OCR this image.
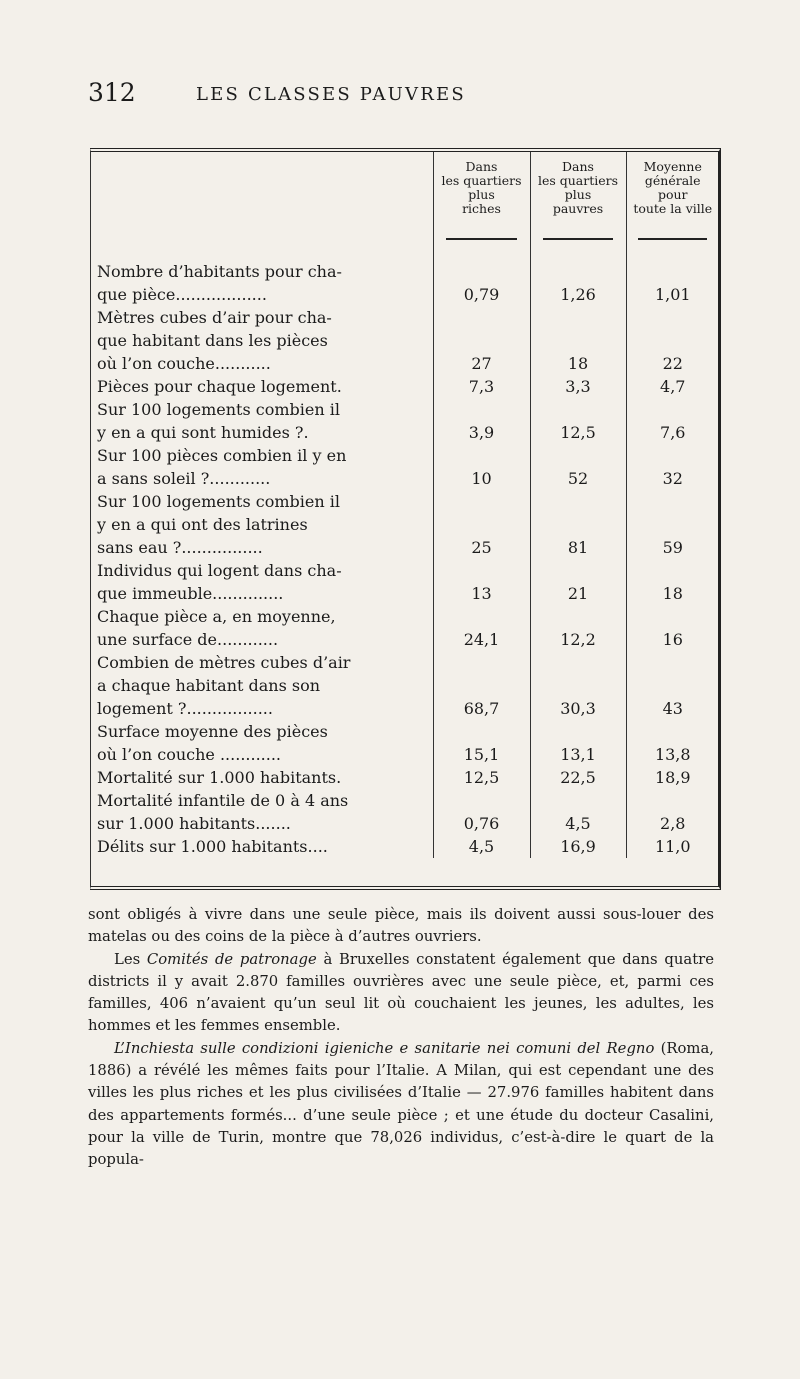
312	LES CLASSES PAUVRES
	Dans
les quartiers
plus
riches	Dans
les quartiers
plus
pauvres	Moyenne
générale
pour
toute la ville

Nombre d’habitants pour cha-
que pièce..................	0,79	1,26	1,01
Mètres cubes d’air pour cha-
que habitant dans les pièces
où l’on couche...........	27	18	22
Pièces pour chaque logement.	7,3	3,3	4,7
Sur 100 logements combien il
y en a qui sont humides ?.	3,9	12,5	7,6
Sur 100 pièces combien il y en
a sans soleil ?............	10	52	32
Sur 100 logements combien il
y en a qui ont des latrines
sans eau ?................	25	81	59
Individus qui logent dans cha-
que immeuble..............	13	21	18
Chaque pièce a, en moyenne,
une surface de............	24,1	12,2	16
Combien de mètres cubes d’air
a chaque habitant dans son
logement ?.................	68,7	30,3	43
Surface moyenne des pièces
où l’on couche ............	15,1	13,1	13,8
Mortalité sur 1.000 habitants.	12,5	22,5	18,9
Mortalité infantile de 0 à 4 ans
sur 1.000 habitants.......	0,76	4,5	2,8
Délits sur 1.000 habitants....	4,5	16,9	11,0

sont obligés à vivre dans une seule pièce, mais ils doivent aussi sous-louer des matelas ou des coins de la pièce à d’autres ouvriers.

Les Comités de patronage à Bruxelles constatent également que dans quatre districts il y avait 2.870 familles ouvrières avec une seule pièce, et, parmi ces familles, 406 n’avaient qu’un seul lit où couchaient les jeunes, les adultes, les hommes et les femmes ensemble.

L’Inchiesta sulle condizioni igieniche e sanitarie nei comuni del Regno (Roma, 1886) a révélé les mêmes faits pour l’Italie. A Milan, qui est cependant une des villes les plus riches et les plus civilisées d’Italie — 27.976 familles habitent dans des appartements formés... d’une seule pièce ; et une étude du docteur Casalini, pour la ville de Turin, montre que 78,026 individus, c’est-à-dire le quart de la popula-
